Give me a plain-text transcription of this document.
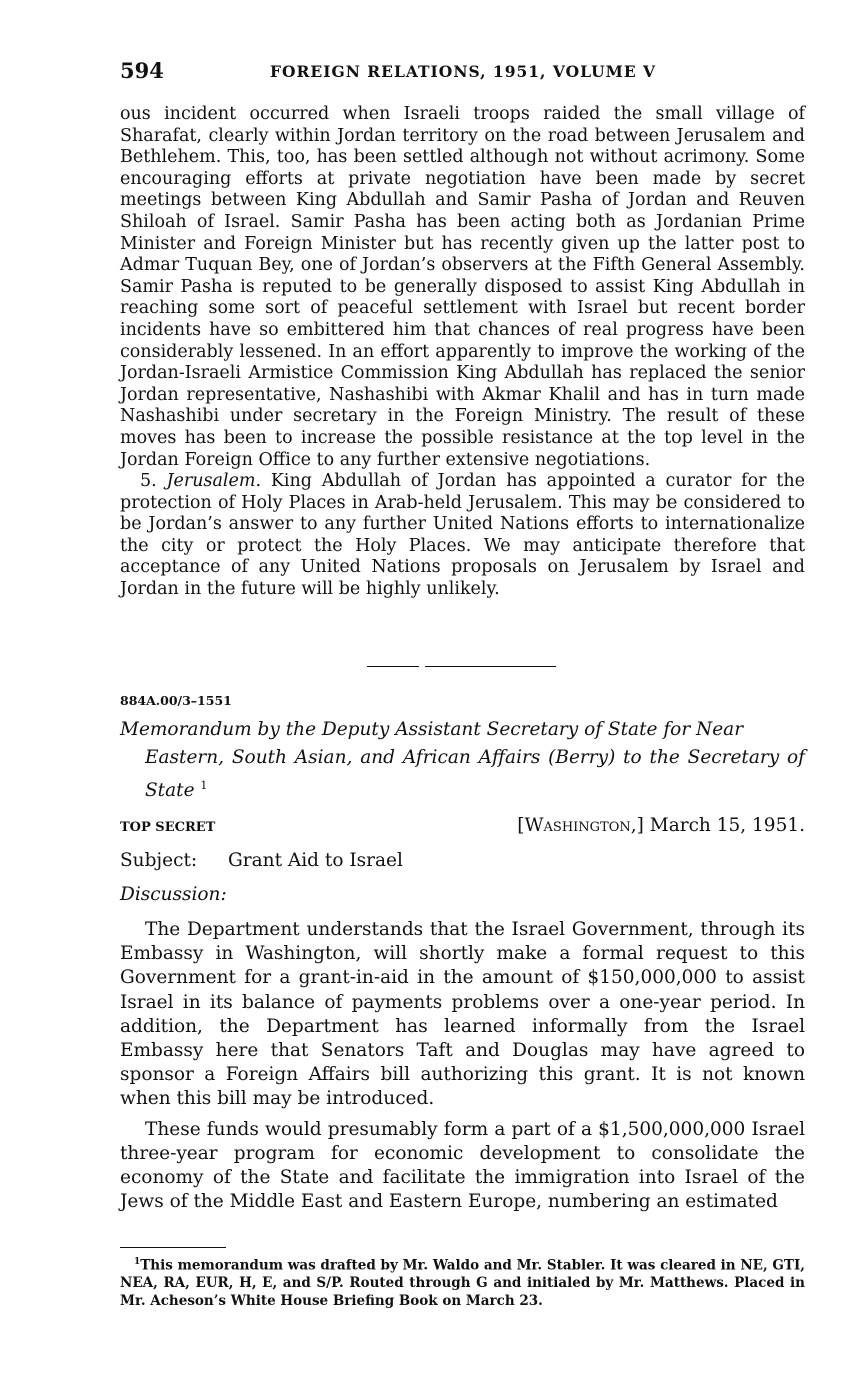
594	FOREIGN RELATIONS, 1951, VOLUME V

ous incident occurred when Israeli troops raided the small village of Sharafat, clearly within Jordan territory on the road between Jerusalem and Bethlehem. This, too, has been settled although not without acrimony. Some encouraging efforts at private negotiation have been made by secret meetings between King Abdullah and Samir Pasha of Jordan and Reuven Shiloah of Israel. Samir Pasha has been acting both as Jordanian Prime Minister and Foreign Minister but has recently given up the latter post to Admar Tuquan Bey, one of Jordan’s observers at the Fifth General Assembly. Samir Pasha is reputed to be generally disposed to assist King Abdullah in reaching some sort of peaceful settlement with Israel but recent border incidents have so embittered him that chances of real progress have been considerably lessened. In an effort apparently to improve the working of the Jordan-Israeli Armistice Commission King Abdullah has replaced the senior Jordan representative, Nashashibi with Akmar Khalil and has in turn made Nashashibi under secretary in the Foreign Ministry. The result of these moves has been to increase the possible resistance at the top level in the Jordan Foreign Office to any further extensive negotiations.

5. Jerusalem. King Abdullah of Jordan has appointed a curator for the protection of Holy Places in Arab-held Jerusalem. This may be considered to be Jordan’s answer to any further United Nations efforts to internationalize the city or protect the Holy Places. We may anticipate therefore that acceptance of any United Nations proposals on Jerusalem by Israel and Jordan in the future will be highly unlikely.

884A.00/3–1551
Memorandum by the Deputy Assistant Secretary of State for Near
Eastern, South Asian, and African Affairs (Berry) to the Secretary of State $^1$
TOP SECRET	[Washington,] March 15, 1951.
Subject: Grant Aid to Israel
Discussion:

The Department understands that the Israel Government, through its Embassy in Washington, will shortly make a formal request to this Government for a grant-in-aid in the amount of $150,000,000 to assist Israel in its balance of payments problems over a one-year period. In addition, the Department has learned informally from the Israel Embassy here that Senators Taft and Douglas may have agreed to sponsor a Foreign Affairs bill authorizing this grant. It is not known when this bill may be introduced.

These funds would presumably form a part of a $1,500,000,000 Israel three-year program for economic development to consolidate the economy of the State and facilitate the immigration into Israel of the Jews of the Middle East and Eastern Europe, numbering an estimated

$^1$This memorandum was drafted by Mr. Waldo and Mr. Stabler. It was cleared in NE, GTI, NEA, RA, EUR, H, E, and S/P. Routed through G and initialed by Mr. Matthews. Placed in Mr. Acheson’s White House Briefing Book on March 23.
